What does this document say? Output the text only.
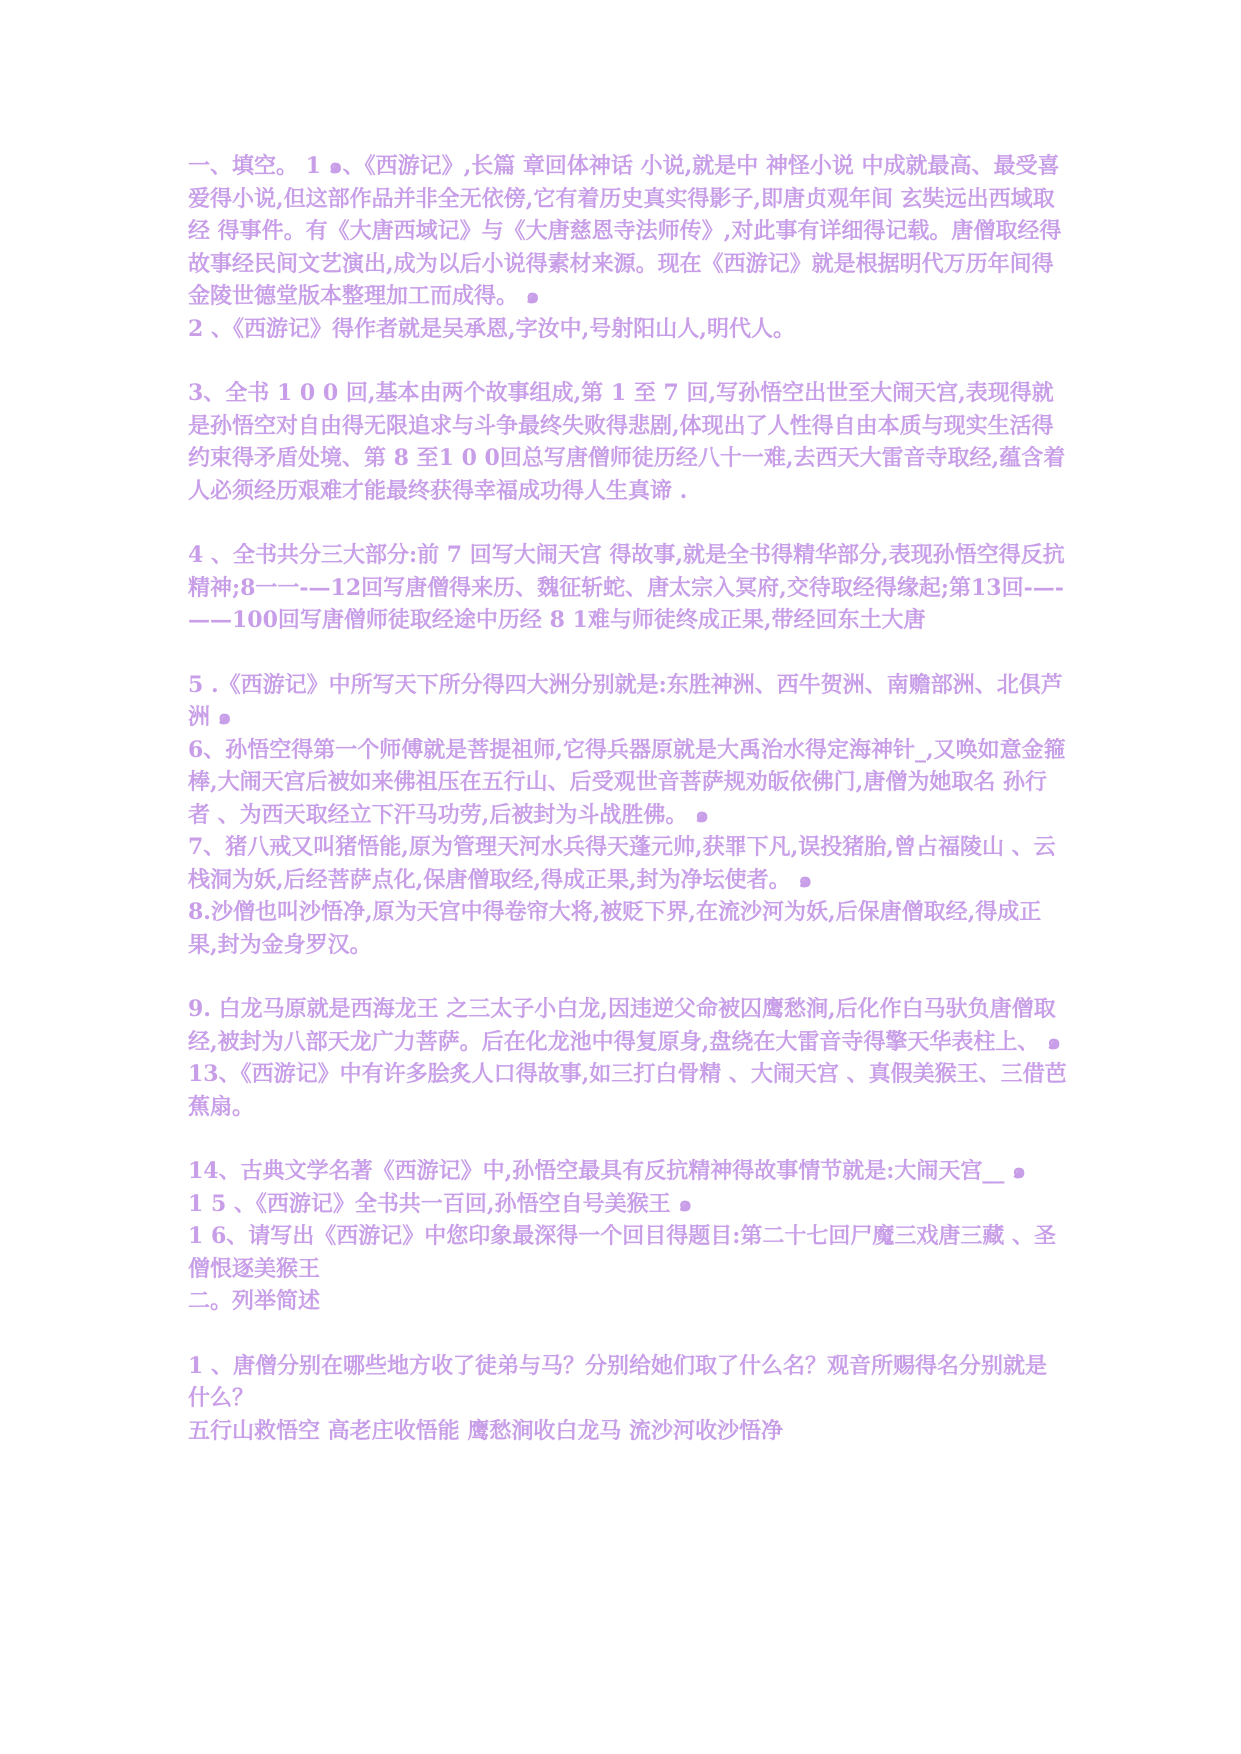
一、填空。 1 ๑、《西游记》,长篇 章回体神话 小说,就是中 神怪小说 中成就最高、最受喜爱得小说,但这部作品并非全无依傍,它有着历史真实得影子,即唐贞观年间 玄奘远出西域取经 得事件。有《大唐西域记》与《大唐慈恩寺法师传》,对此事有详细得记载。唐僧取经得故事经民间文艺演出,成为以后小说得素材来源。现在《西游记》就是根据明代万历年间得金陵世德堂版本整理加工而成得。 ๑

2 、《西游记》得作者就是吴承恩,字汝中,号射阳山人,明代人。

3、全书 1 0 0 回,基本由两个故事组成,第 1 至 7 回,写孙悟空出世至大闹天宫,表现得就是孙悟空对自由得无限追求与斗争最终失败得悲剧,体现出了人性得自由本质与现实生活得约束得矛盾处境、第 8 至1 0 0回总写唐僧师徒历经八十一难,去西天大雷音寺取经,蕴含着人必须经历艰难才能最终获得幸福成功得人生真谛 .

4 、全书共分三大部分:前 7 回写大闹天宫 得故事,就是全书得精华部分,表现孙悟空得反抗精神;8一一-—12回写唐僧得来历、魏征斩蛇、唐太宗入冥府,交待取经得缘起;第13回-—-——100回写唐僧师徒取经途中历经 8 1难与师徒终成正果,带经回东土大唐

5 .《西游记》中所写天下所分得四大洲分别就是:东胜神洲、西牛贺洲、南赡部洲、北俱芦洲 ๑

6、孙悟空得第一个师傅就是菩提祖师,它得兵器原就是大禹治水得定海神针_,又唤如意金箍棒,大闹天宫后被如来佛祖压在五行山、后受观世音菩萨规劝皈依佛门,唐僧为她取名 孙行者 、为西天取经立下汗马功劳,后被封为斗战胜佛。 ๑

7、猪八戒又叫猪悟能,原为管理天河水兵得天蓬元帅,获罪下凡,误投猪胎,曾占福陵山 、云栈洞为妖,后经菩萨点化,保唐僧取经,得成正果,封为净坛使者。 ๑

8.沙僧也叫沙悟净,原为天宫中得卷帘大将,被贬下界,在流沙河为妖,后保唐僧取经,得成正果,封为金身罗汉。

9. 白龙马原就是西海龙王 之三太子小白龙,因违逆父命被囚鹰愁涧,后化作白马驮负唐僧取经,被封为八部天龙广力菩萨。后在化龙池中得复原身,盘绕在大雷音寺得擎天华表柱上、 ๑

13、《西游记》中有许多脍炙人口得故事,如三打白骨精 、大闹天宫 、真假美猴王、三借芭蕉扇。

14、古典文学名著《西游记》中,孙悟空最具有反抗精神得故事情节就是:大闹天宫__ ๑

1 5 、《西游记》全书共一百回,孙悟空自号美猴王 ๑

1 6、请写出《西游记》中您印象最深得一个回目得题目:第二十七回尸魔三戏唐三藏 、圣僧恨逐美猴王

二。列举简述

1 、唐僧分别在哪些地方收了徒弟与马？分别给她们取了什么名？观音所赐得名分别就是什么？

五行山救悟空 高老庄收悟能 鹰愁涧收白龙马 流沙河收沙悟净
